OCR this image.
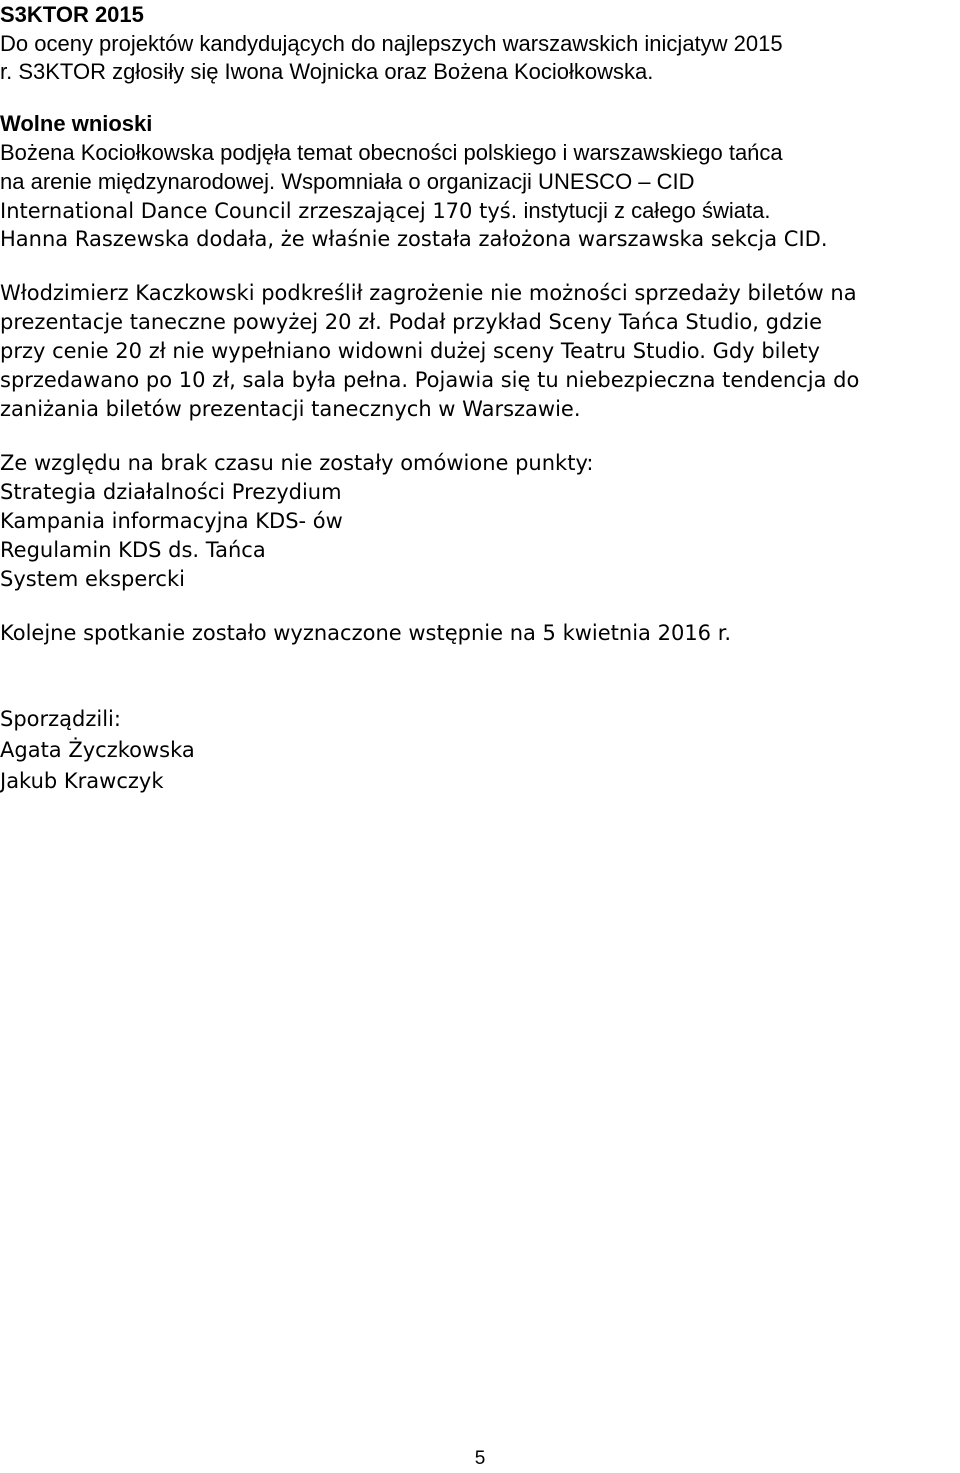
S3KTOR 2015
Do oceny projektów kandydujących do najlepszych warszawskich inicjatyw 2015
r. S3KTOR zgłosiły się Iwona Wojnicka oraz Bożena Kociołkowska.
Wolne wnioski
Bożena Kociołkowska podjęła temat obecności polskiego i warszawskiego tańca
na arenie międzynarodowej. Wspomniała o organizacji UNESCO – CID
International Dance Council zrzeszającej 170 tyś. instytucji z całego świata.
Hanna Raszewska dodała, że właśnie została założona warszawska sekcja CID.
Włodzimierz Kaczkowski podkreślił zagrożenie nie możności sprzedaży biletów na
prezentacje taneczne powyżej 20 zł. Podał przykład Sceny Tańca Studio, gdzie
przy cenie 20 zł nie wypełniano widowni dużej sceny Teatru Studio. Gdy bilety
sprzedawano po 10 zł, sala była pełna. Pojawia się tu niebezpieczna tendencja do
zaniżania biletów prezentacji tanecznych w Warszawie.
Ze względu na brak czasu nie zostały omówione punkty:
Strategia działalności Prezydium
Kampania informacyjna KDS- ów
Regulamin KDS ds. Tańca
System ekspercki
Kolejne spotkanie zostało wyznaczone wstępnie na 5 kwietnia 2016 r.
Sporządzili:
Agata Życzkowska
Jakub Krawczyk
5
